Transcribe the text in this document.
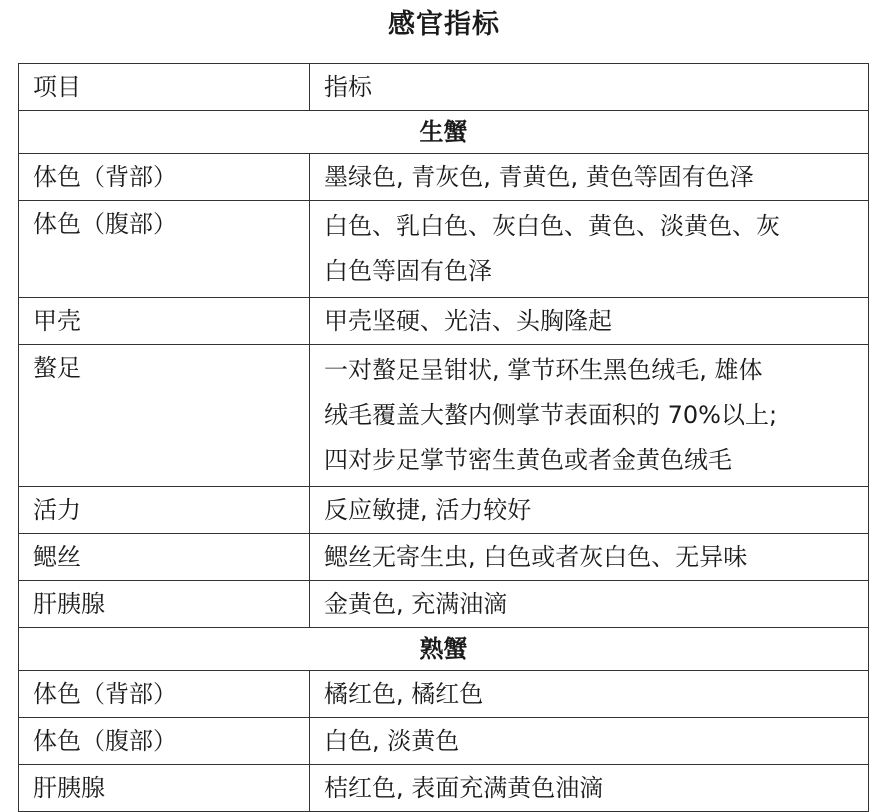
感官指标
项目	指标
生蟹	
体色（背部）	墨绿色, 青灰色, 青黄色, 黄色等固有色泽

体色（腹部）	白色、乳白色、灰白色、黄色、淡黄色、灰
白色等固有色泽

甲壳	甲壳坚硬、光洁、头胸隆起

螯足	一对螯足呈钳状, 掌节环生黑色绒毛, 雄体
绒毛覆盖大螯内侧掌节表面积的 70%以上;
四对步足掌节密生黄色或者金黄色绒毛

活力	反应敏捷, 活力较好

鳃丝	鳃丝无寄生虫, 白色或者灰白色、无异味

肝胰腺	金黄色, 充满油滴

熟蟹	
体色（背部）	橘红色, 橘红色

体色（腹部）	白色, 淡黄色

肝胰腺	桔红色, 表面充满黄色油滴
